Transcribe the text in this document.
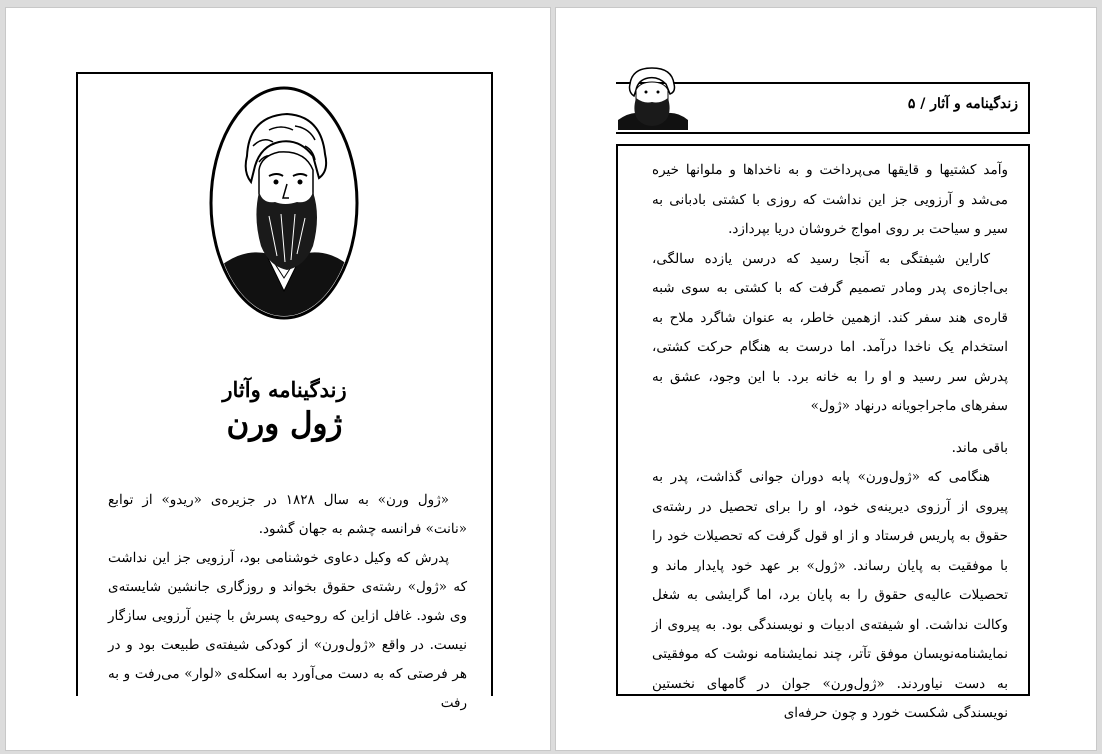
زندگینامه وآثار
ژول ورن

«ژول ورن» به سال ۱۸۲۸ در جزیره‌ی «ریدو» از توابع «نانت» فرانسه چشم به جهان گشود.

پدرش که وکیل دعاوی خوشنامی بود، آرزویی جز این نداشت که «ژول» رشته‌ی حقوق بخواند و روزگاری جانشین شایسته‌ی وی شود. غافل ازاین که روحیه‌ی پسرش با چنین آرزویی سازگار نیست. در واقع «ژول‌ورن» از کودکی شیفته‌ی طبیعت بود و در هر فرصتی که به دست می‌آورد به اسکله‌ی «لوار» می‌رفت و به رفت

زندگینامه و آثار / ۵

وآمد کشتیها و قایقها می‌پرداخت و به ناخداها و ملوانها خیره می‌شد و آرزویی جز این نداشت که روزی با کشتی بادبانی به سیر و سیاحت بر روی امواج خروشان دریا بپردازد.

کاراین شیفتگی به آنجا رسید که درسن یازده سالگی، بی‌اجازه‌ی پدر ومادر تصمیم گرفت که با کشتی به سوی شبه قاره‌ی هند سفر کند. ازهمین خاطر، به عنوان شاگرد ملاح به استخدام یک ناخدا درآمد. اما درست به هنگام حرکت کشتی، پدرش سر رسید و او را به خانه برد. با این وجود، عشق به سفرهای ماجراجویانه درنهاد «ژول»

باقی ماند.

هنگامی که «ژول‌ورن» پابه دوران جوانی گذاشت، پدر به پیروی از آرزوی دیرینه‌ی خود، او را برای تحصیل در رشته‌ی حقوق به پاریس فرستاد و از او قول گرفت که تحصیلات خود را با موفقیت به پایان رساند. «ژول» بر عهد خود پایدار ماند و تحصیلات عالیه‌ی حقوق را به پایان برد، اما گرایشی به شغل وکالت نداشت. او شیفته‌ی ادبیات و نویسندگی بود. به پیروی از نمایشنامه‌نویسان موفق تآتر، چند نمایشنامه نوشت که موفقیتی به دست نیاوردند. «ژول‌ورن» جوان در گامهای نخستین نویسندگی شکست خورد و چون حرفه‌ای
